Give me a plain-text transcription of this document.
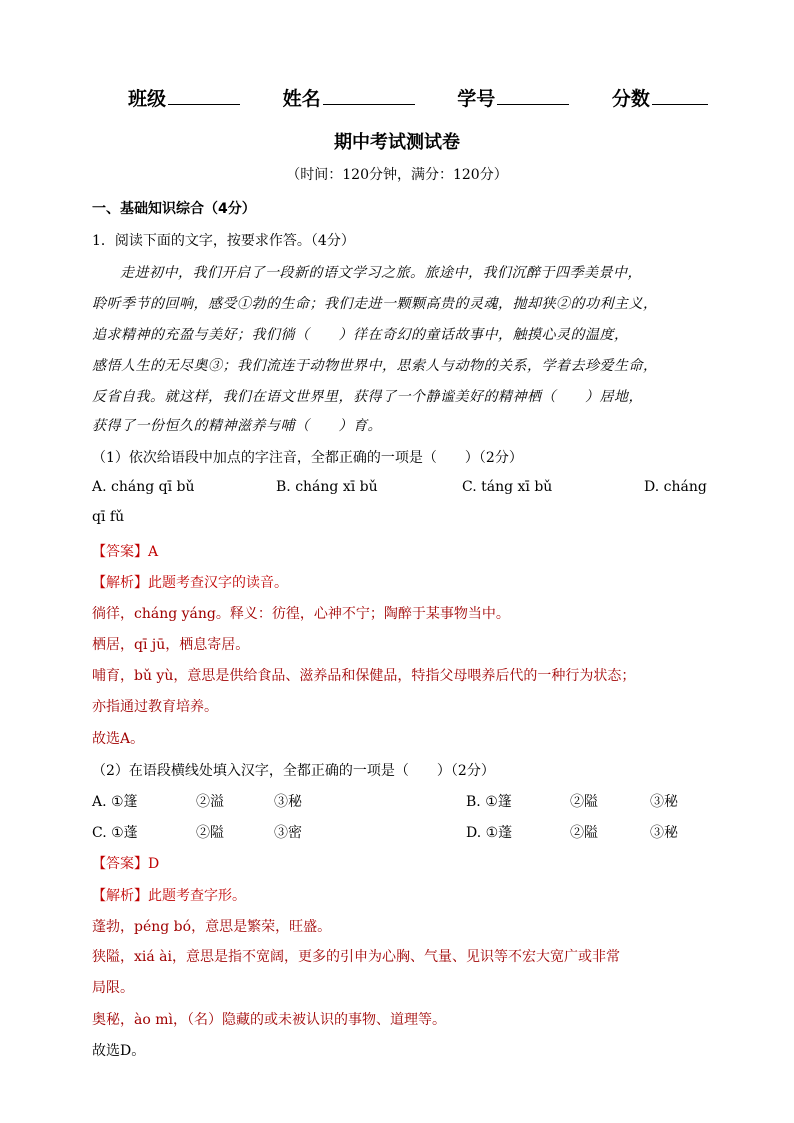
班级	姓名	学号	分数
期中考试测试卷
（时间：120分钟，满分：120分）
一、基础知识综合（4分）
1．阅读下面的文字，按要求作答。（4分）
走进初中，我们开启了一段新的语文学习之旅。旅途中，我们沉醉于四季美景中，
聆听季节的回响，感受①勃的生命；我们走进一颗颗高贵的灵魂，抛却狭②的功利主义，
追求精神的充盈与美好；我们徜（　　）徉在奇幻的童话故事中，触摸心灵的温度，
感悟人生的无尽奥③；我们流连于动物世界中，思索人与动物的关系，学着去珍爱生命，
反省自我。就这样，我们在语文世界里，获得了一个静谧美好的精神栖（　　）居地，
获得了一份恒久的精神滋养与哺（　　）育。
（1）依次给语段中加点的字注音，全都正确的一项是（　　）（2分）
A. cháng qī bǔ	B. cháng xī bǔ	C. táng xī bǔ	D. cháng
qī fǔ
【答案】A
【解析】此题考查汉字的读音。
徜徉，cháng yáng。释义：彷徨，心神不宁；陶醉于某事物当中。
栖居，qī jū，栖息寄居。
哺育，bǔ yù，意思是供给食品、滋养品和保健品，特指父母喂养后代的一种行为状态；
亦指通过教育培养。
故选A。
（2）在语段横线处填入汉字，全都正确的一项是（　　）（2分）
A. ①篷	②溢	③秘	B. ①篷	②隘	③秘
C. ①蓬	②隘	③密	D. ①蓬	②隘	③秘
【答案】D
【解析】此题考查字形。
蓬勃，péng bó，意思是繁荣，旺盛。
狭隘，xiá ài，意思是指不宽阔，更多的引申为心胸、气量、见识等不宏大宽广或非常
局限。
奥秘，ào mì，（名）隐藏的或未被认识的事物、道理等。
故选D。
